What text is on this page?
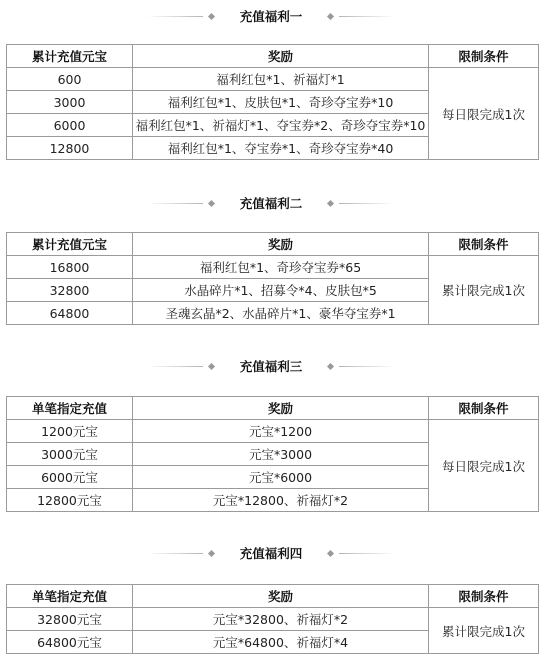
充值福利一
累计充值元宝	奖励	限制条件
600	福利红包*1、祈福灯*1	每日限完成1次
3000	福利红包*1、皮肤包*1、奇珍夺宝券*10	
6000	福利红包*1、祈福灯*1、夺宝券*2、奇珍夺宝券*10	
12800	福利红包*1、夺宝券*1、奇珍夺宝券*40	
充值福利二
累计充值元宝	奖励	限制条件
16800	福利红包*1、奇珍夺宝券*65	累计限完成1次
32800	水晶碎片*1、招募令*4、皮肤包*5	
64800	圣魂玄晶*2、水晶碎片*1、豪华夺宝券*1	
充值福利三
单笔指定充值	奖励	限制条件
1200元宝	元宝*1200	每日限完成1次
3000元宝	元宝*3000	
6000元宝	元宝*6000	
12800元宝	元宝*12800、祈福灯*2	
充值福利四
单笔指定充值	奖励	限制条件
32800元宝	元宝*32800、祈福灯*2	累计限完成1次
64800元宝	元宝*64800、祈福灯*4	
